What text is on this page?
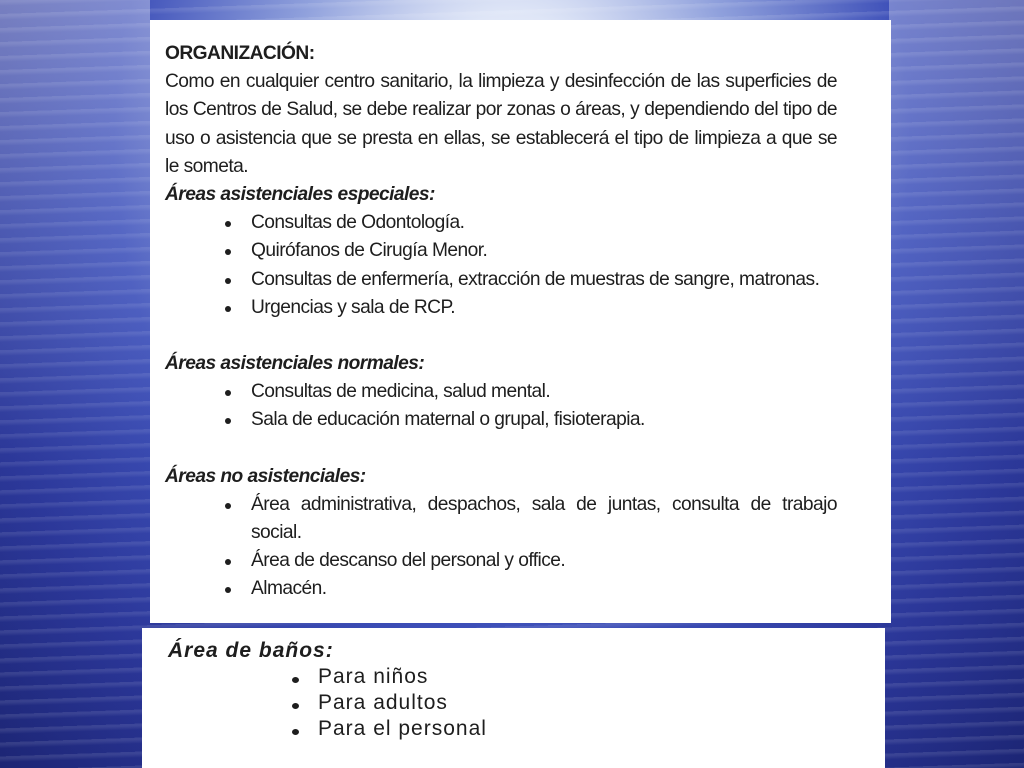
ORGANIZACIÓN:
Como en cualquier centro sanitario, la limpieza y desinfección de las superficies de los Centros de Salud, se debe realizar por zonas o áreas, y dependiendo del tipo de uso o asistencia que se presta en ellas, se establecerá el tipo de limpieza a que se le someta.
Áreas asistenciales especiales:
Consultas de Odontología.
Quirófanos de Cirugía Menor.
Consultas de enfermería, extracción de muestras de sangre, matronas.
Urgencias y sala de RCP.
Áreas asistenciales normales:
Consultas de medicina, salud mental.
Sala de educación maternal o grupal, fisioterapia.
Áreas no asistenciales:
Área administrativa, despachos, sala de juntas, consulta de trabajo social.
Área de descanso del personal y office.
Almacén.
Área de baños:
Para niños
Para adultos
Para el personal
